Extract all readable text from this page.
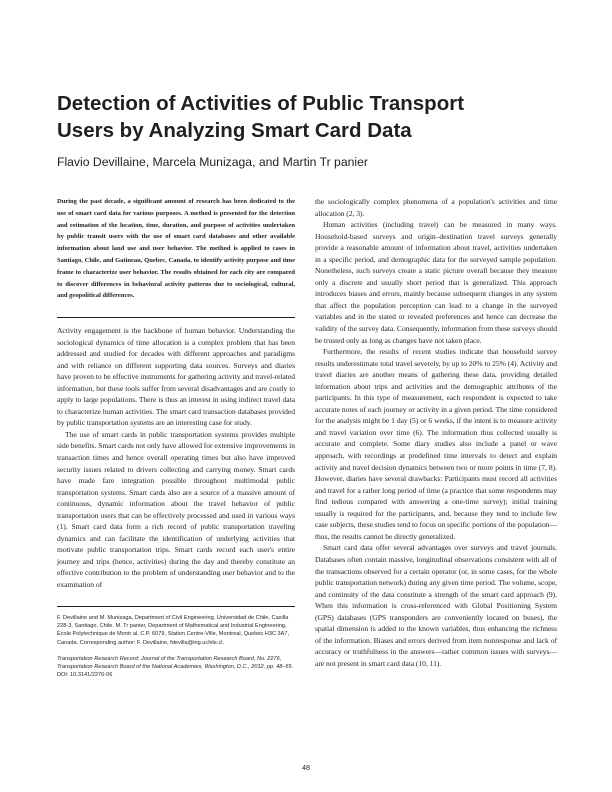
Detection of Activities of Public Transport
Users by Analyzing Smart Card Data
Flavio Devillaine, Marcela Munizaga, and Martin Tr panier

During the past decade, a significant amount of research has been dedicated to the use of smart card data for various purposes. A method is presented for the detection and estimation of the location, time, duration, and purpose of activities undertaken by public transit users with the use of smart card databases and other available information about land use and user behavior. The method is applied to cases in Santiago, Chile, and Gatineau, Quebec, Canada, to identify activity purpose and time frame to characterize user behavior. The results obtained for each city are compared to discover differences in behavioral activity patterns due to sociological, cultural, and geopolitical differences.

Activity engagement is the backbone of human behavior. Understanding the sociological dynamics of time allocation is a complex problem that has been addressed and studied for decades with different approaches and paradigms and with reliance on different supporting data sources. Surveys and diaries have proven to be effective instruments for gathering activity and travel-related information, but these tools suffer from several disadvantages and are costly to apply to large populations. There is thus an interest in using indirect travel data to characterize human activities. The smart card transaction databases provided by public transportation systems are an interesting case for study.

The use of smart cards in public transportation systems provides multiple side benefits. Smart cards not only have allowed for extensive improvements in transaction times and hence overall operating times but also have improved security issues related to drivers collecting and carrying money. Smart cards have made fare integration possible throughout multimodal public transportation systems. Smart cards also are a source of a massive amount of continuous, dynamic information about the travel behavior of public transportation users that can be effectively processed and used in various ways (1). Smart card data form a rich record of public transportation traveling dynamics and can facilitate the identification of underlying activities that motivate public transportation trips. Smart cards record each user's entire journey and trips (hence, activities) during the day and thereby constitute an effective contribution to the problem of understanding user behavior and to the examination of

F. Devillaine and M. Munizaga, Department of Civil Engineering, Universidad de Chile, Casilla 228-3, Santiago, Chile. M. Tr panier, Department of Mathematical and Industrial Engineering, Ecole Polytechnique de Montr al, C.P. 6079, Station Centre-Ville, Montreal, Quebec H3C 3A7, Canada. Corresponding author: F. Devillaine, fdevilla@ing.uchile.cl.

Transportation Research Record: Journal of the Transportation Research Board, No. 2276, Transportation Research Board of the National Academies, Washington, D.C., 2012, pp. 48–55.

DOI: 10.3141/2276-06

the sociologically complex phenomena of a population's activities and time allocation (2, 3).

Human activities (including travel) can be measured in many ways. Household-based surveys and origin–destination travel surveys generally provide a reasonable amount of information about travel, activities undertaken in a specific period, and demographic data for the surveyed sample population. Nonetheless, such surveys create a static picture overall because they measure only a discrete and usually short period that is generalized. This approach introduces biases and errors, mainly because subsequent changes in any system that affect the population perception can lead to a change in the surveyed variables and in the stated or revealed preferences and hence can decrease the validity of the survey data. Consequently, information from these surveys should be trusted only as long as changes have not taken place.

Furthermore, the results of recent studies indicate that household survey results underestimate total travel severely, by up to 20% to 25% (4). Activity and travel diaries are another means of gathering these data, providing detailed information about trips and activities and the demographic attributes of the participants. In this type of measurement, each respondent is expected to take accurate notes of each journey or activity in a given period. The time considered for the analysis might be 1 day (5) or 6 weeks, if the intent is to measure activity and travel variation over time (6). The information thus collected usually is accurate and complete. Some diary studies also include a panel or wave approach, with recordings at predefined time intervals to detect and explain activity and travel decision dynamics between two or more points in time (7, 8). However, diaries have several drawbacks: Participants must record all activities and travel for a rather long period of time (a practice that some respondents may find tedious compared with answering a one-time survey); initial training usually is required for the participants, and, because they tend to include few case subjects, these studies tend to focus on specific portions of the population—thus, the results cannot be directly generalized.

Smart card data offer several advantages over surveys and travel journals. Databases often contain massive, longitudinal observations consistent with all of the transactions observed for a certain operator (or, in some cases, for the whole public transportation network) during any given time period. The volume, scope, and continuity of the data constitute a strength of the smart card approach (9). When this information is cross-referenced with Global Positioning System (GPS) databases (GPS transponders are conveniently located on buses), the spatial dimension is added to the known variables, thus enhancing the richness of the information. Biases and errors derived from item nonresponse and lack of accuracy or truthfulness in the answers—rather common issues with surveys—are not present in smart card data (10, 11).

48
